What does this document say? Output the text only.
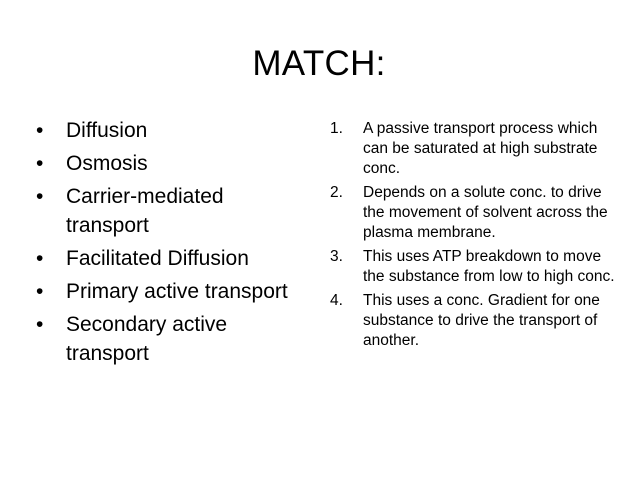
MATCH:
• Diffusion
• Osmosis
• Carrier-mediated transport
• Facilitated Diffusion
• Primary active transport
• Secondary active transport
1. A passive transport process which can be saturated at high substrate conc.
2. Depends on a solute conc. to drive the movement of solvent across the plasma membrane.
3. This uses ATP breakdown to move the substance from low to high conc.
4. This uses a conc. Gradient for one substance to drive the transport of another.
